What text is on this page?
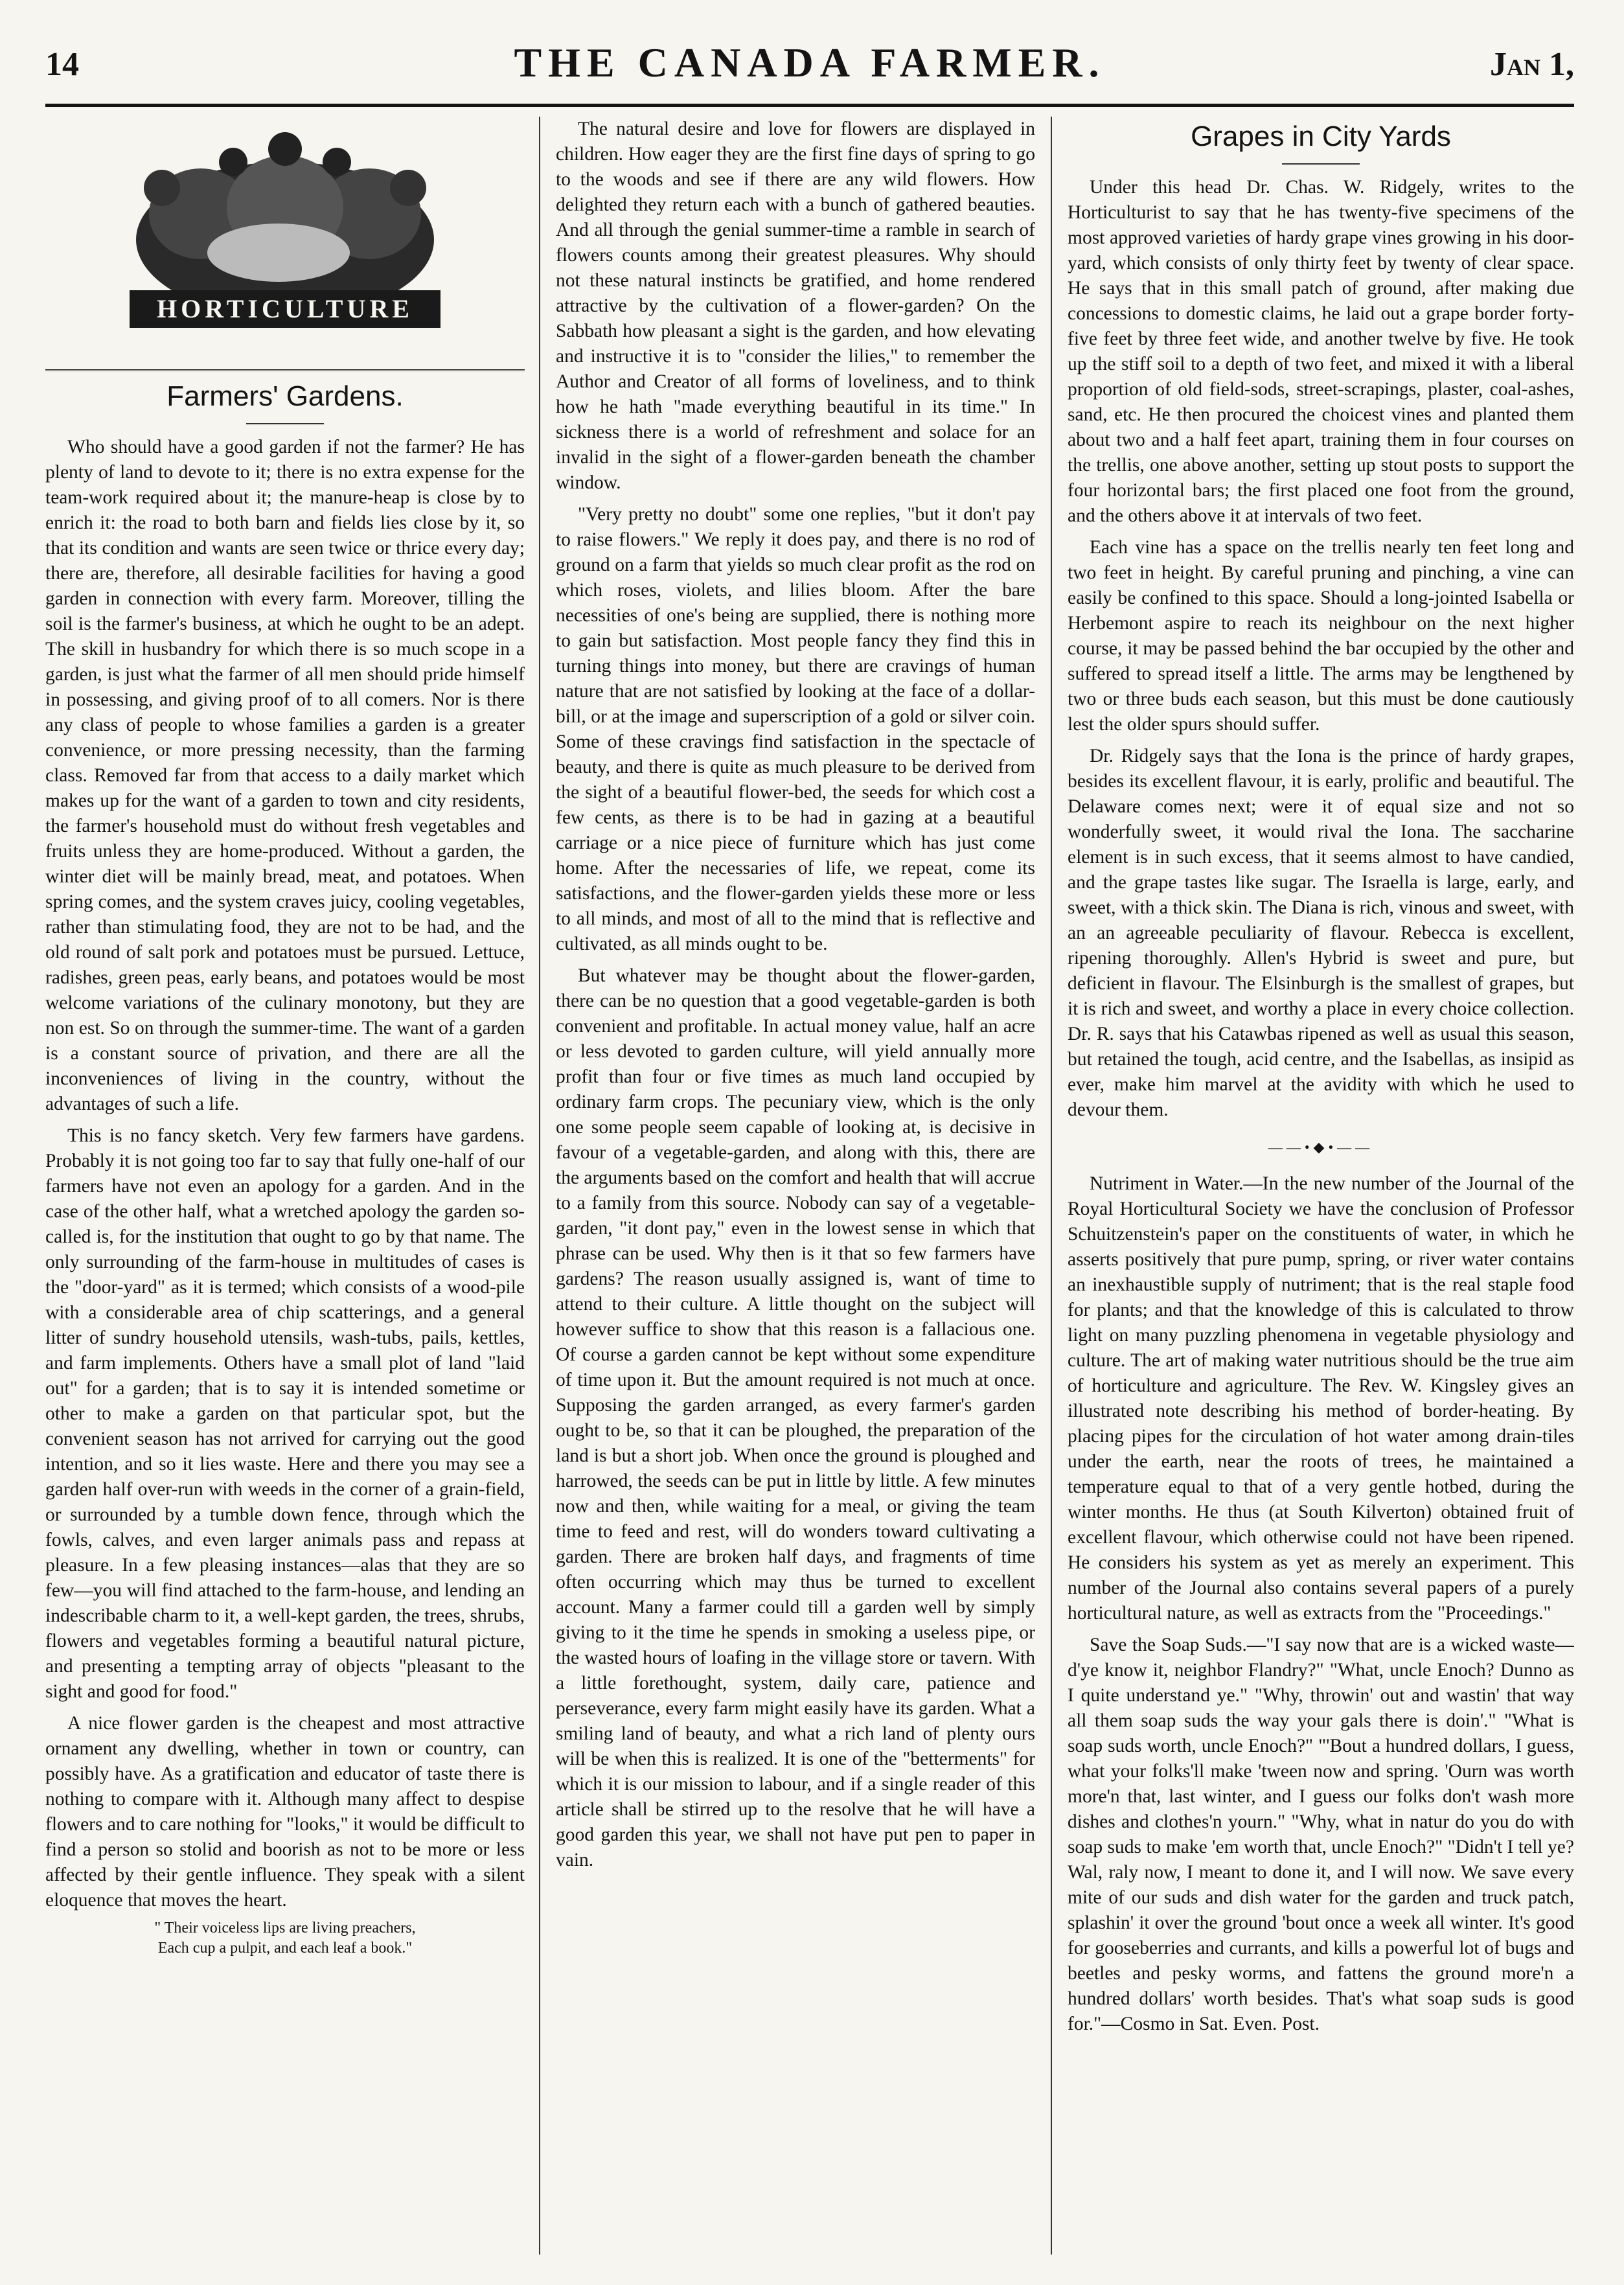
14	THE CANADA FARMER.	Jan 1,
HORTICULTURE
Farmers' Gardens.

Who should have a good garden if not the farmer? He has plenty of land to devote to it; there is no extra expense for the team-work required about it; the manure-heap is close by to enrich it: the road to both barn and fields lies close by it, so that its condition and wants are seen twice or thrice every day; there are, therefore, all desirable facilities for having a good garden in connection with every farm. Moreover, tilling the soil is the farmer's business, at which he ought to be an adept. The skill in husbandry for which there is so much scope in a garden, is just what the farmer of all men should pride himself in possessing, and giving proof of to all comers. Nor is there any class of people to whose families a garden is a greater convenience, or more pressing necessity, than the farming class. Removed far from that access to a daily market which makes up for the want of a garden to town and city residents, the farmer's household must do without fresh vegetables and fruits unless they are home-produced. Without a garden, the winter diet will be mainly bread, meat, and potatoes. When spring comes, and the system craves juicy, cooling vegetables, rather than stimulating food, they are not to be had, and the old round of salt pork and potatoes must be pursued. Lettuce, radishes, green peas, early beans, and potatoes would be most welcome variations of the culinary monotony, but they are non est. So on through the summer-time. The want of a garden is a constant source of privation, and there are all the inconveniences of living in the country, without the advantages of such a life.

This is no fancy sketch. Very few farmers have gardens. Probably it is not going too far to say that fully one-half of our farmers have not even an apology for a garden. And in the case of the other half, what a wretched apology the garden so-called is, for the institution that ought to go by that name. The only surrounding of the farm-house in multitudes of cases is the "door-yard" as it is termed; which consists of a wood-pile with a considerable area of chip scatterings, and a general litter of sundry household utensils, wash-tubs, pails, kettles, and farm implements. Others have a small plot of land "laid out" for a garden; that is to say it is intended sometime or other to make a garden on that particular spot, but the convenient season has not arrived for carrying out the good intention, and so it lies waste. Here and there you may see a garden half over-run with weeds in the corner of a grain-field, or surrounded by a tumble down fence, through which the fowls, calves, and even larger animals pass and repass at pleasure. In a few pleasing instances—alas that they are so few—you will find attached to the farm-house, and lending an indescribable charm to it, a well-kept garden, the trees, shrubs, flowers and vegetables forming a beautiful natural picture, and presenting a tempting array of objects "pleasant to the sight and good for food."

A nice flower garden is the cheapest and most attractive ornament any dwelling, whether in town or country, can possibly have. As a gratification and educator of taste there is nothing to compare with it. Although many affect to despise flowers and to care nothing for "looks," it would be difficult to find a person so stolid and boorish as not to be more or less affected by their gentle influence. They speak with a silent eloquence that moves the heart.

" Their voiceless lips are living preachers,
Each cup a pulpit, and each leaf a book."

The natural desire and love for flowers are displayed in children. How eager they are the first fine days of spring to go to the woods and see if there are any wild flowers. How delighted they return each with a bunch of gathered beauties. And all through the genial summer-time a ramble in search of flowers counts among their greatest pleasures. Why should not these natural instincts be gratified, and home rendered attractive by the cultivation of a flower-garden? On the Sabbath how pleasant a sight is the garden, and how elevating and instructive it is to "consider the lilies," to remember the Author and Creator of all forms of loveliness, and to think how he hath "made everything beautiful in its time." In sickness there is a world of refreshment and solace for an invalid in the sight of a flower-garden beneath the chamber window.

"Very pretty no doubt" some one replies, "but it don't pay to raise flowers." We reply it does pay, and there is no rod of ground on a farm that yields so much clear profit as the rod on which roses, violets, and lilies bloom. After the bare necessities of one's being are supplied, there is nothing more to gain but satisfaction. Most people fancy they find this in turning things into money, but there are cravings of human nature that are not satisfied by looking at the face of a dollar-bill, or at the image and superscription of a gold or silver coin. Some of these cravings find satisfaction in the spectacle of beauty, and there is quite as much pleasure to be derived from the sight of a beautiful flower-bed, the seeds for which cost a few cents, as there is to be had in gazing at a beautiful carriage or a nice piece of furniture which has just come home. After the necessaries of life, we repeat, come its satisfactions, and the flower-garden yields these more or less to all minds, and most of all to the mind that is reflective and cultivated, as all minds ought to be.

But whatever may be thought about the flower-garden, there can be no question that a good vegetable-garden is both convenient and profitable. In actual money value, half an acre or less devoted to garden culture, will yield annually more profit than four or five times as much land occupied by ordinary farm crops. The pecuniary view, which is the only one some people seem capable of looking at, is decisive in favour of a vegetable-garden, and along with this, there are the arguments based on the comfort and health that will accrue to a family from this source. Nobody can say of a vegetable-garden, "it dont pay," even in the lowest sense in which that phrase can be used. Why then is it that so few farmers have gardens? The reason usually assigned is, want of time to attend to their culture. A little thought on the subject will however suffice to show that this reason is a fallacious one. Of course a garden cannot be kept without some expenditure of time upon it. But the amount required is not much at once. Supposing the garden arranged, as every farmer's garden ought to be, so that it can be ploughed, the preparation of the land is but a short job. When once the ground is ploughed and harrowed, the seeds can be put in little by little. A few minutes now and then, while waiting for a meal, or giving the team time to feed and rest, will do wonders toward cultivating a garden. There are broken half days, and fragments of time often occurring which may thus be turned to excellent account. Many a farmer could till a garden well by simply giving to it the time he spends in smoking a useless pipe, or the wasted hours of loafing in the village store or tavern. With a little forethought, system, daily care, patience and perseverance, every farm might easily have its garden. What a smiling land of beauty, and what a rich land of plenty ours will be when this is realized. It is one of the "betterments" for which it is our mission to labour, and if a single reader of this article shall be stirred up to the resolve that he will have a good garden this year, we shall not have put pen to paper in vain.

Grapes in City Yards

Under this head Dr. Chas. W. Ridgely, writes to the Horticulturist to say that he has twenty-five specimens of the most approved varieties of hardy grape vines growing in his door-yard, which consists of only thirty feet by twenty of clear space. He says that in this small patch of ground, after making due concessions to domestic claims, he laid out a grape border forty-five feet by three feet wide, and another twelve by five. He took up the stiff soil to a depth of two feet, and mixed it with a liberal proportion of old field-sods, street-scrapings, plaster, coal-ashes, sand, etc. He then procured the choicest vines and planted them about two and a half feet apart, training them in four courses on the trellis, one above another, setting up stout posts to support the four horizontal bars; the first placed one foot from the ground, and the others above it at intervals of two feet.

Each vine has a space on the trellis nearly ten feet long and two feet in height. By careful pruning and pinching, a vine can easily be confined to this space. Should a long-jointed Isabella or Herbemont aspire to reach its neighbour on the next higher course, it may be passed behind the bar occupied by the other and suffered to spread itself a little. The arms may be lengthened by two or three buds each season, but this must be done cautiously lest the older spurs should suffer.

Dr. Ridgely says that the Iona is the prince of hardy grapes, besides its excellent flavour, it is early, prolific and beautiful. The Delaware comes next; were it of equal size and not so wonderfully sweet, it would rival the Iona. The saccharine element is in such excess, that it seems almost to have candied, and the grape tastes like sugar. The Israella is large, early, and sweet, with a thick skin. The Diana is rich, vinous and sweet, with an an agreeable peculiarity of flavour. Rebecca is excellent, ripening thoroughly. Allen's Hybrid is sweet and pure, but deficient in flavour. The Elsinburgh is the smallest of grapes, but it is rich and sweet, and worthy a place in every choice collection. Dr. R. says that his Catawbas ripened as well as usual this season, but retained the tough, acid centre, and the Isabellas, as insipid as ever, make him marvel at the avidity with which he used to devour them.

——•◆•——

Nutriment in Water.—In the new number of the Journal of the Royal Horticultural Society we have the conclusion of Professor Schuitzenstein's paper on the constituents of water, in which he asserts positively that pure pump, spring, or river water contains an inexhaustible supply of nutriment; that is the real staple food for plants; and that the knowledge of this is calculated to throw light on many puzzling phenomena in vegetable physiology and culture. The art of making water nutritious should be the true aim of horticulture and agriculture. The Rev. W. Kingsley gives an illustrated note describing his method of border-heating. By placing pipes for the circulation of hot water among drain-tiles under the earth, near the roots of trees, he maintained a temperature equal to that of a very gentle hotbed, during the winter months. He thus (at South Kilverton) obtained fruit of excellent flavour, which otherwise could not have been ripened. He considers his system as yet as merely an experiment. This number of the Journal also contains several papers of a purely horticultural nature, as well as extracts from the "Proceedings."

Save the Soap Suds.—"I say now that are is a wicked waste—d'ye know it, neighbor Flandry?" "What, uncle Enoch? Dunno as I quite understand ye." "Why, throwin' out and wastin' that way all them soap suds the way your gals there is doin'." "What is soap suds worth, uncle Enoch?" "'Bout a hundred dollars, I guess, what your folks'll make 'tween now and spring. 'Ourn was worth more'n that, last winter, and I guess our folks don't wash more dishes and clothes'n yourn." "Why, what in natur do you do with soap suds to make 'em worth that, uncle Enoch?" "Didn't I tell ye? Wal, raly now, I meant to done it, and I will now. We save every mite of our suds and dish water for the garden and truck patch, splashin' it over the ground 'bout once a week all winter. It's good for gooseberries and currants, and kills a powerful lot of bugs and beetles and pesky worms, and fattens the ground more'n a hundred dollars' worth besides. That's what soap suds is good for."—Cosmo in Sat. Even. Post.
